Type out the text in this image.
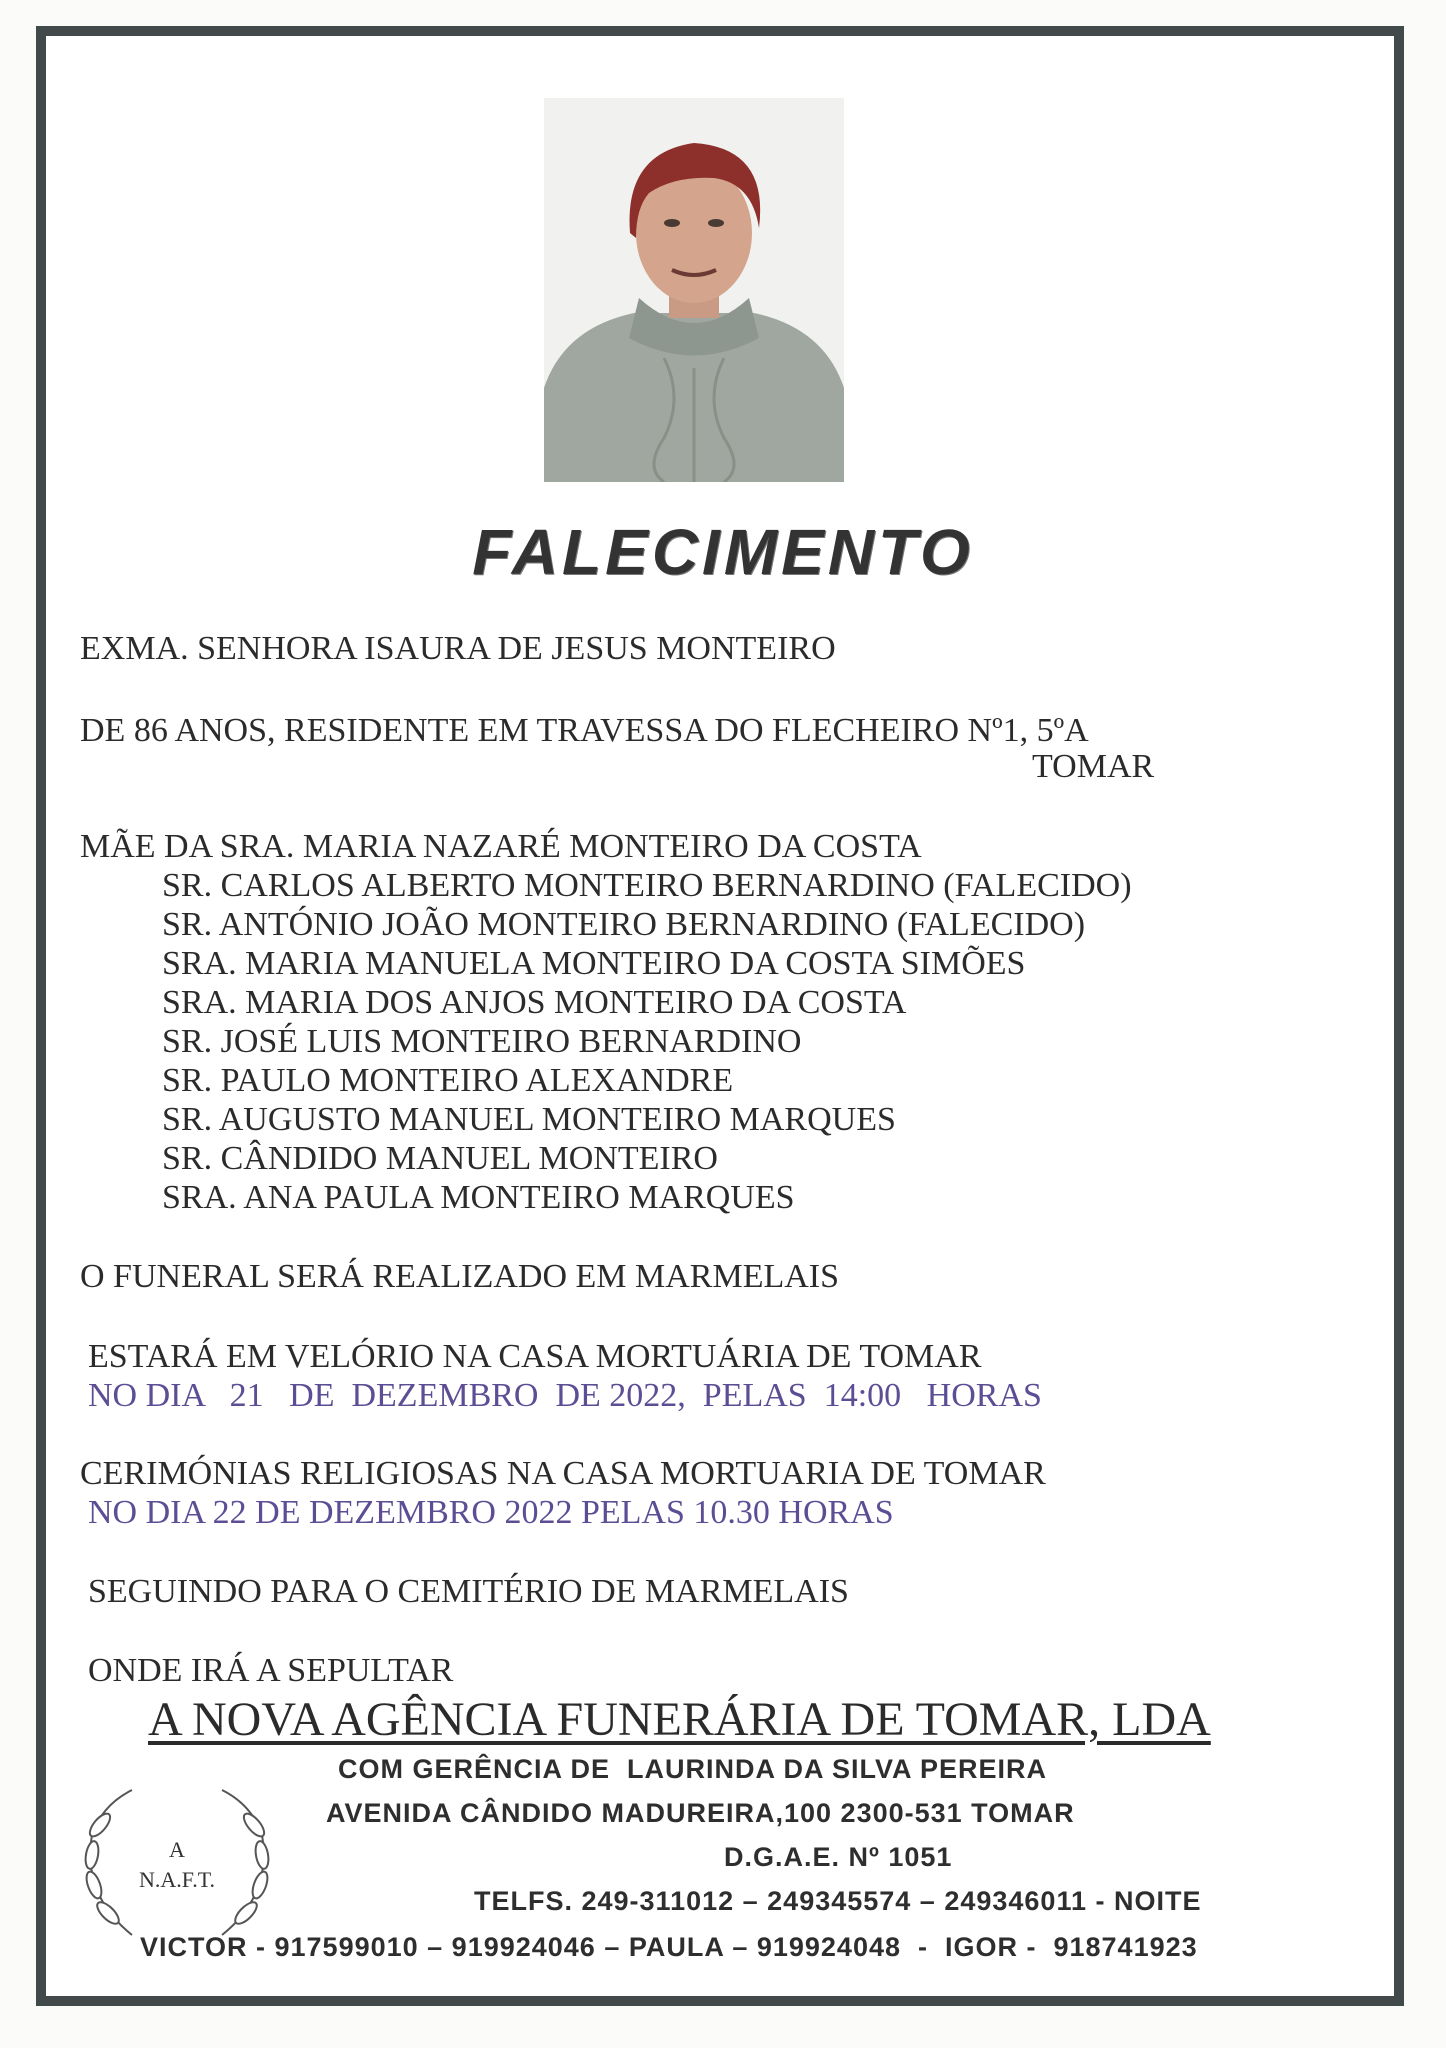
FALECIMENTO
EXMA. SENHORA ISAURA DE JESUS MONTEIRO
DE 86 ANOS, RESIDENTE EM TRAVESSA DO FLECHEIRO Nº1, 5ºA
TOMAR
MÃE DA SRA. MARIA NAZARÉ MONTEIRO DA COSTA
SR. CARLOS ALBERTO MONTEIRO BERNARDINO (FALECIDO)
SR. ANTÓNIO JOÃO MONTEIRO BERNARDINO (FALECIDO)
SRA. MARIA MANUELA MONTEIRO DA COSTA SIMÕES
SRA. MARIA DOS ANJOS MONTEIRO DA COSTA
SR. JOSÉ LUIS MONTEIRO BERNARDINO
SR. PAULO MONTEIRO ALEXANDRE
SR. AUGUSTO MANUEL MONTEIRO MARQUES
SR. CÂNDIDO MANUEL MONTEIRO
SRA. ANA PAULA MONTEIRO MARQUES
O FUNERAL SERÁ REALIZADO EM MARMELAIS
ESTARÁ EM VELÓRIO NA CASA MORTUÁRIA DE TOMAR
NO DIA   21   DE  DEZEMBRO  DE 2022,  PELAS  14:00   HORAS
CERIMÓNIAS RELIGIOSAS NA CASA MORTUARIA DE TOMAR
NO DIA 22 DE DEZEMBRO 2022 PELAS 10.30 HORAS
SEGUINDO PARA O CEMITÉRIO DE MARMELAIS
ONDE IRÁ A SEPULTAR
A NOVA AGÊNCIA FUNERÁRIA DE TOMAR, LDA
COM GERÊNCIA DE  LAURINDA DA SILVA PEREIRA
AVENIDA CÂNDIDO MADUREIRA,100 2300-531 TOMAR
D.G.A.E. Nº 1051
TELFS. 249-311012 – 249345574 – 249346011 - NOITE
VICTOR - 917599010 – 919924046 – PAULA – 919924048  -  IGOR -  918741923
A
N.A.F.T.
